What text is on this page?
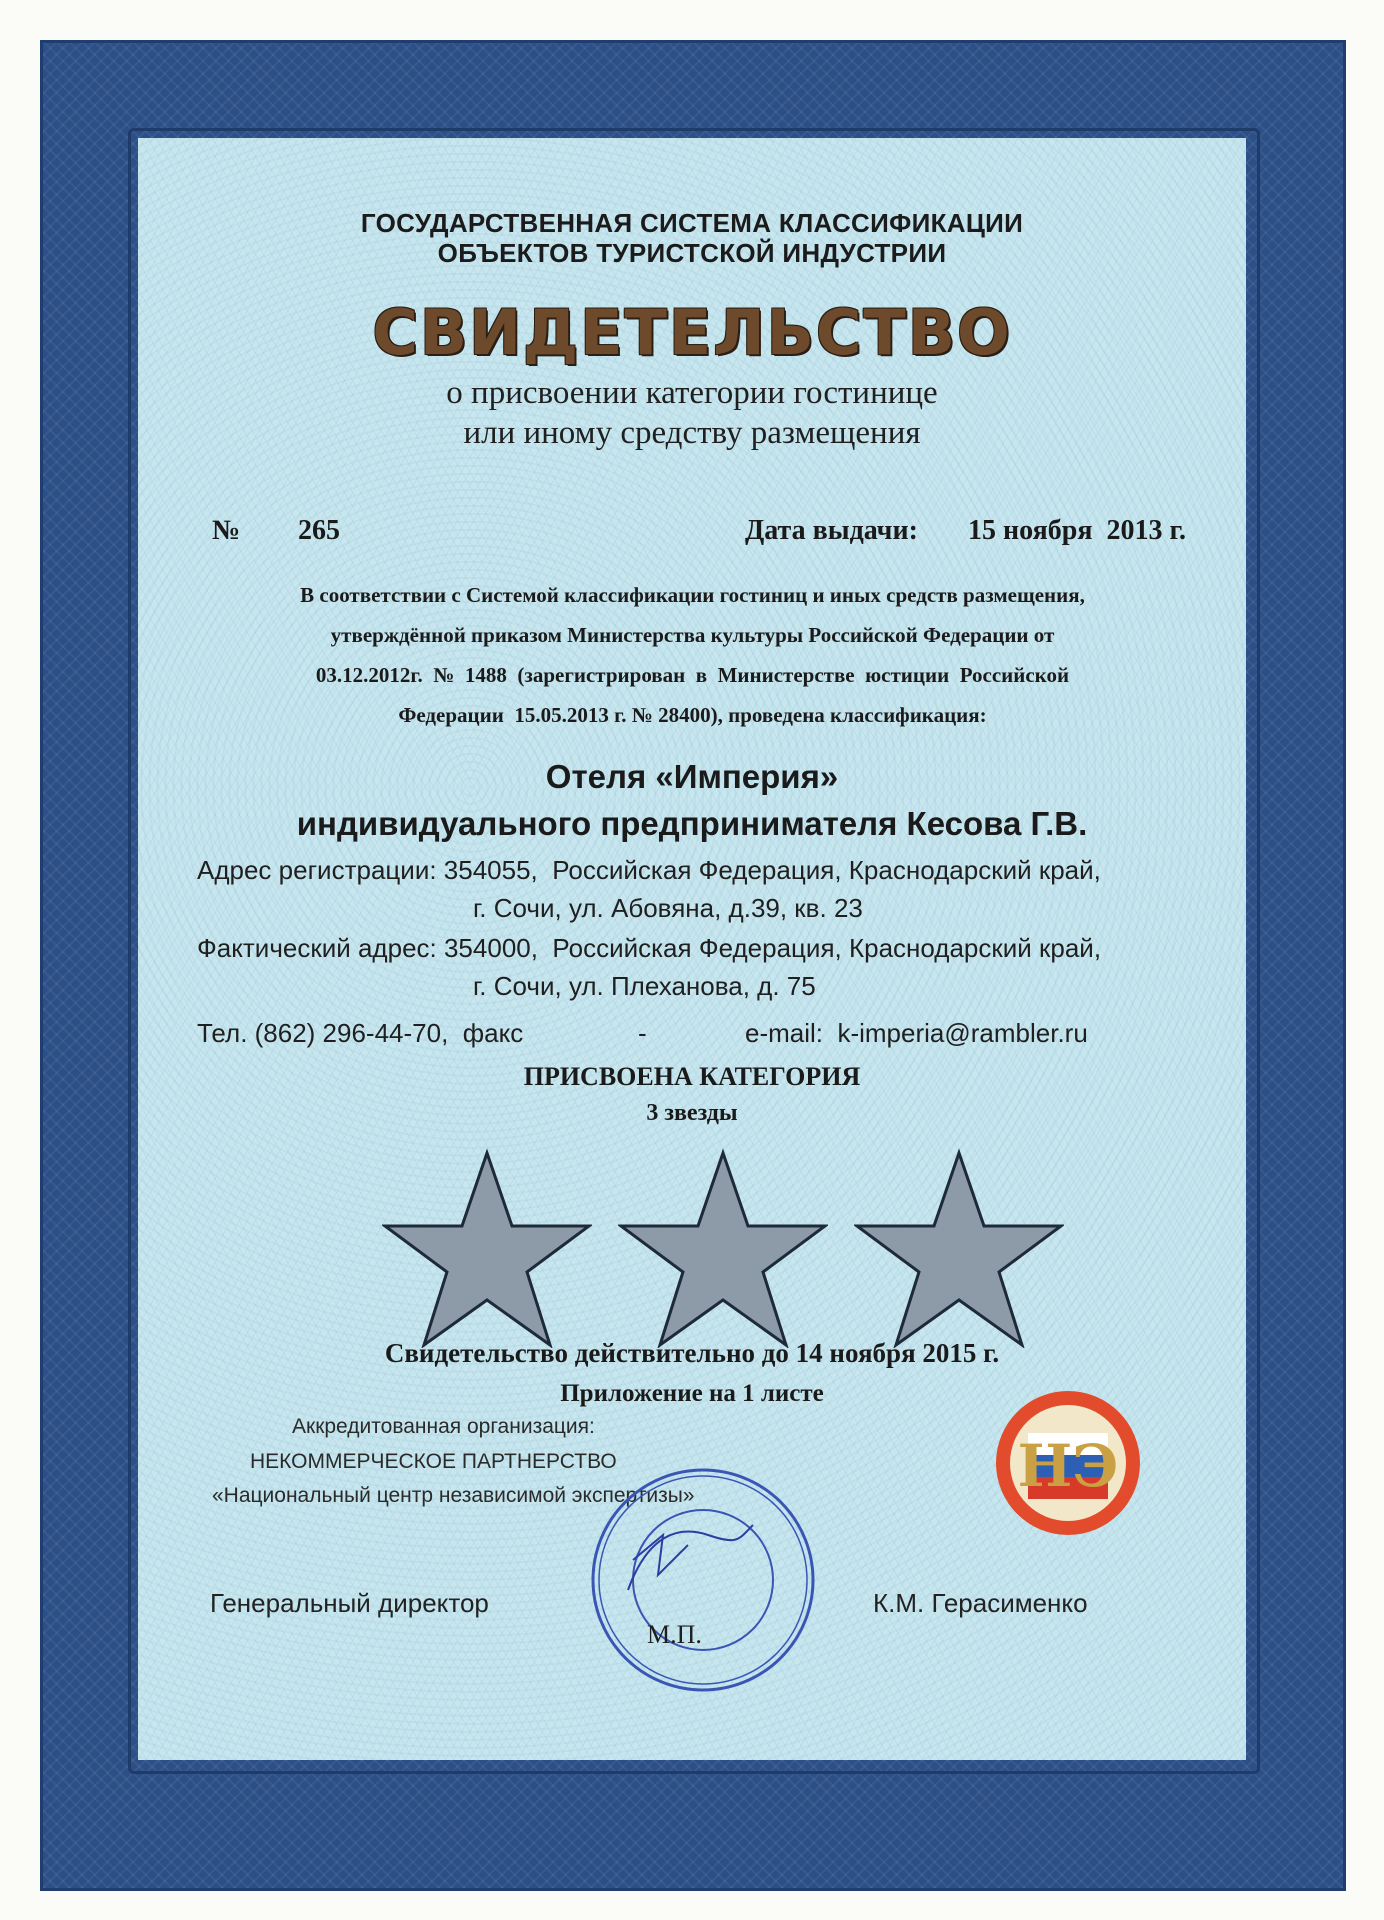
ГОСУДАРСТВЕННАЯ СИСТЕМА КЛАССИФИКАЦИИ
ОБЪЕКТОВ ТУРИСТСКОЙ ИНДУСТРИИ
СВИДЕТЕЛЬСТВО
о присвоении категории гостинице
или иному средству размещения
№ 265	Дата выдачи: 15 ноября  2013 г.
В соответствии с Системой классификации гостиниц и иных средств размещения,
утверждённой приказом Министерства культуры Российской Федерации от
03.12.2012г.  №  1488  (зарегистрирован  в  Министерстве  юстиции  Российской
Федерации  15.05.2013 г. № 28400), проведена классификация:
Отеля «Империя»
индивидуального предпринимателя Кесова Г.В.
Адрес регистрации: 354055,  Российская Федерация, Краснодарский край,
г. Сочи, ул. Абовяна, д.39, кв. 23
Фактический адрес: 354000,  Российская Федерация, Краснодарский край,
г. Сочи, ул. Плеханова, д. 75
Тел. (862) 296-44-70,  факс	-	e-mail:  k-imperia@rambler.ru
ПРИСВОЕНА КАТЕГОРИЯ
3 звезды
Свидетельство действительно до 14 ноября 2015 г.
Приложение на 1 листе
Аккредитованная организация:
НЕКОММЕРЧЕСКОЕ ПАРТНЕРСТВО
«Национальный центр независимой экспертизы»	НЭ
Генеральный директор	К.М. Герасименко
М.П.
